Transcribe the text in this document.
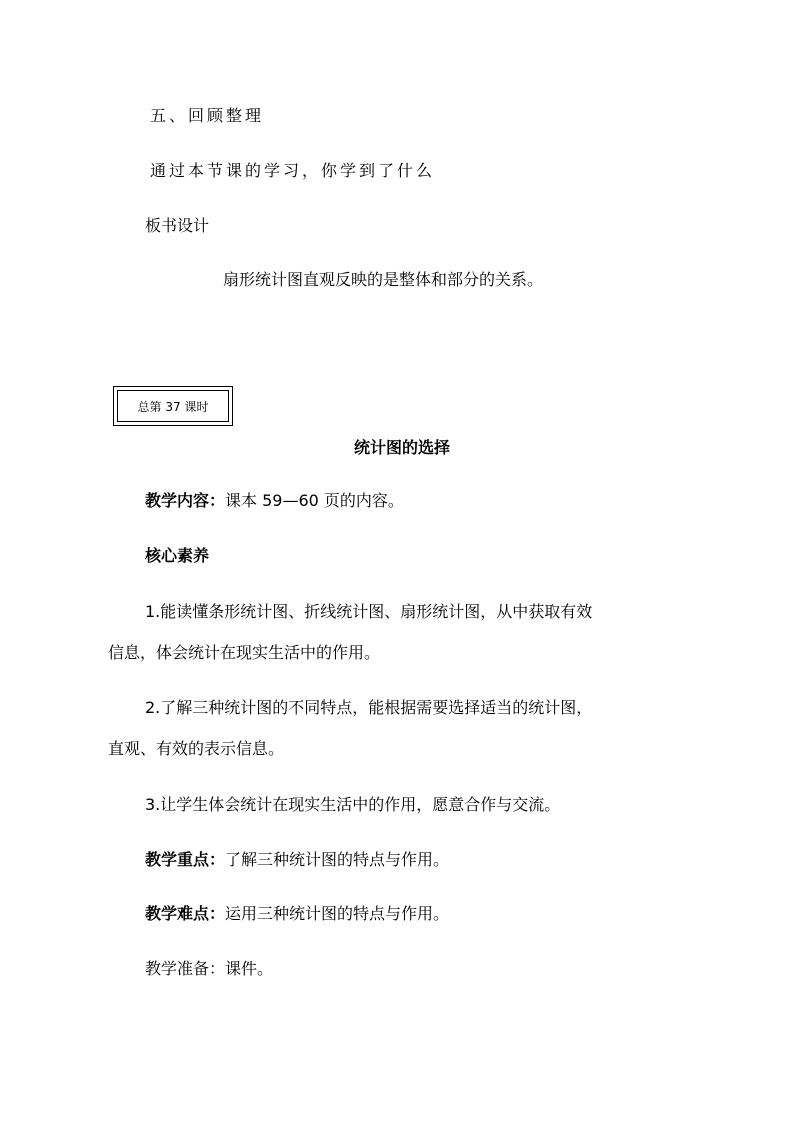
五、回顾整理
通过本节课的学习，你学到了什么
板书设计
扇形统计图直观反映的是整体和部分的关系。
总第 37 课时
统计图的选择
教学内容：课本 59—60 页的内容。
核心素养
1.能读懂条形统计图、折线统计图、扇形统计图，从中获取有效
信息，体会统计在现实生活中的作用。
2.了解三种统计图的不同特点，能根据需要选择适当的统计图，
直观、有效的表示信息。
3.让学生体会统计在现实生活中的作用，愿意合作与交流。
教学重点：了解三种统计图的特点与作用。
教学难点：运用三种统计图的特点与作用。
教学准备：课件。
